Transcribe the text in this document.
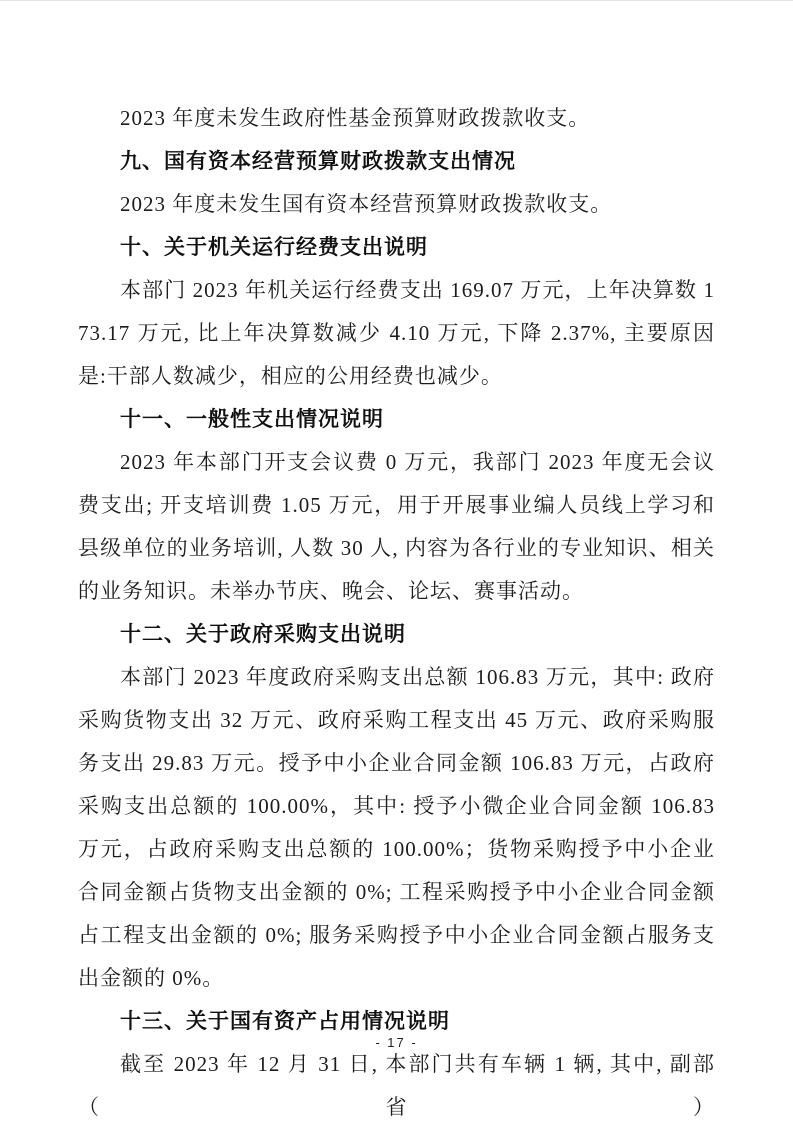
2023 年度未发生政府性基金预算财政拨款收支。

九、国有资本经营预算财政拨款支出情况

2023 年度未发生国有资本经营预算财政拨款收支。

十、关于机关运行经费支出说明

本部门 2023 年机关运行经费支出 169.07 万元，上年决算数 173.17 万元, 比上年决算数减少 4.10 万元, 下降 2.37%, 主要原因是:干部人数减少，相应的公用经费也减少。

十一、一般性支出情况说明

2023 年本部门开支会议费 0 万元，我部门 2023 年度无会议费支出; 开支培训费 1.05 万元，用于开展事业编人员线上学习和县级单位的业务培训, 人数 30 人, 内容为各行业的专业知识、相关的业务知识。未举办节庆、晚会、论坛、赛事活动。

十二、关于政府采购支出说明

本部门 2023 年度政府采购支出总额 106.83 万元，其中: 政府采购货物支出 32 万元、政府采购工程支出 45 万元、政府采购服务支出 29.83 万元。授予中小企业合同金额 106.83 万元，占政府采购支出总额的 100.00%，其中: 授予小微企业合同金额 106.83 万元，占政府采购支出总额的 100.00%；货物采购授予中小企业合同金额占货物支出金额的 0%; 工程采购授予中小企业合同金额占工程支出金额的 0%; 服务采购授予中小企业合同金额占服务支出金额的 0%。

十三、关于国有资产占用情况说明

截至 2023 年 12 月 31 日, 本部门共有车辆 1 辆, 其中, 副部（省）

- 17 -
